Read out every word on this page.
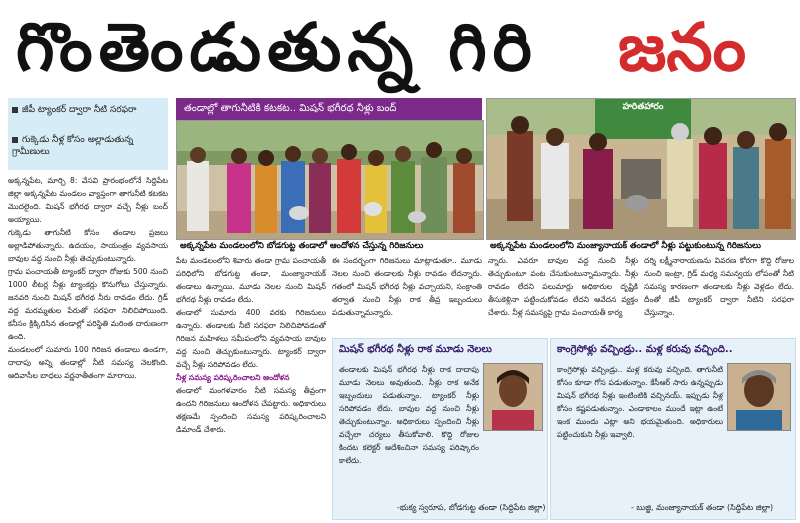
గొంతెండుతున్న గిరి జనం
జీపీ ట్యాంకర్‌ ద్వారా నీటి సరఫరా
గుక్కెడు నీళ్ల కోసం అల్లాడుతున్న గ్రామీణులు
తండాల్లో తాగునీటికి కటకట.. మిషన్‌ భగీరథ నీళ్లు బంద్‌	హరితహారం
అక్కన్నపేట మండలంలోని బోడగుట్ట తండాలో ఆందోళన చేస్తున్న గిరిజనులు	అక్కన్నపేట మండలంలోని మంజ్యానాయక్‌ తండాలో నీళ్లు పట్టుకుంటున్న గిరిజనులు

అక్కన్నపేట, మార్చి 8: వేసవి ప్రారంభంలోనే సిద్దిపేట జిల్లా అక్కన్నపేట మండలం వ్యాప్తంగా తాగునీటి కటకట మొదలైంది. మిషన్‌ భగీరథ ద్వారా వచ్చే నీళ్లు బంద్‌ అయ్యాయి.

గుక్కెడు తాగునీటి కోసం తండాల ప్రజలు అల్లాడిపోతున్నారు. ఉదయం, సాయంత్రం వ్యవసాయ బావుల వద్ద నుంచి నీళ్లు తెచ్చుకుంటున్నారు.

గ్రామ పంచాయతీ ట్యాంకర్‌ ద్వారా రోజుకు 500 నుంచి 1000 లీటర్ల నీళ్లు ట్యాంకర్లు కొనుగోలు చేస్తున్నారు. జనవరి నుంచి మిషన్‌ భగీరథ నీరు రావడం లేదు. గ్రిడ్‌ వద్ద మరమ్మతుల పేరుతో సరఫరా నిలిచిపోయింది. కనీసం క్రిక్కిరిసిన తండాల్లో పరిస్థితి మరింత దారుణంగా ఉంది.

మండలంలో సుమారు 100 గిరిజన తండాలు ఉండగా, దాదాపు అన్ని తండాల్లో నీటి సమస్య నెలకొంది. ఆదివాసీల బాధలు వర్ణనాతీతంగా మారాయి.

పేట మండలంలోని శివారు తండా గ్రామ పంచాయతీ పరిధిలోని బోడగుట్ట తండా, మంజ్యానాయక్‌ తండాలు ఉన్నాయి. మూడు నెలల నుంచి మిషన్‌ భగీరథ నీళ్లు రావడం లేదు.

తండాలో సుమారు 400 వరకు గిరిజనులు ఉన్నారు. తండాలకు నీటి సరఫరా నిలిచిపోవడంతో గిరిజన మహిళలు సమీపంలోని వ్యవసాయ బావుల వద్ద నుంచి తెచ్చుకుంటున్నారు. ట్యాంకర్‌ ద్వారా వచ్చే నీళ్లు సరిపోవడం లేదు.

నీళ్ల సమస్య పరిష్కరించాలని ఆందోళన

తండాలో మంగళవారం నీటి సమస్య తీవ్రంగా ఉందని గిరిజనులు ఆందోళన చేపట్టారు. అధికారులు తక్షణమే స్పందించి సమస్య పరిష్కరించాలని డిమాండ్‌ చేశారు.

ఈ సందర్భంగా గిరిజనులు మాట్లాడుతూ.. మూడు నెలల నుంచి తండాలకు నీళ్లు రావడం లేదన్నారు. గతంలో మిషన్‌ భగీరథ నీళ్లు వచ్చాయని, సంక్రాంతి తర్వాత నుంచి నీళ్లు రాక తీవ్ర ఇబ్బందులు పడుతున్నామన్నారు.

న్నారు. ఎవరూ బావుల వద్ద నుంచి నీళ్లు తెచ్చుకుంటూ వంట చేసుకుంటున్నామన్నారు. నీళ్లు రావడం లేదని పలుమార్లు అధికారుల దృష్టికి తీసుకెళ్లినా పట్టించుకోవడం లేదని ఆవేదన వ్యక్తం చేశారు. నీళ్ల సమస్యపై గ్రామ పంచాయతీ కార్య

దర్శి లక్ష్మీనారాయణను వివరణ కోరగా కొద్ది రోజుల నుంచి ఇంట్రా, గ్రిడ్‌ మధ్య సమన్వయ లోపంతో నీటి సమస్య కారణంగా తండాలకు నీళ్లు వెళ్లడం లేదు. దీంతో జీపీ ట్యాంకర్‌ ద్వారా నీటిని సరఫరా చేస్తున్నాం.

మిషన్‌ భగీరథ నీళ్లు రాక మూడు నెలలు
తండాలకు మిషన్‌ భగీరథ నీళ్లు రాక దాదాపు మూడు నెలలు అవుతుంది. నీళ్లు రాక అనేక ఇబ్బందులు పడుతున్నాం. ట్యాంకర్‌ నీళ్లు సరిపోవడం లేదు. బావుల వద్ద నుంచి నీళ్లు తెచ్చుకుంటున్నాం. అధికారులు స్పందించి నీళ్లు వచ్చేలా చర్యలు తీసుకోవాలి. కొద్ది రోజుల కిందట కలెక్టర్‌ ఆదేశించినా సమస్య పరిష్కారం కాలేదు.
-భుక్య స్వరూప, బోడగుట్ట తండా (సిద్దిపేట జిల్లా)
కాంగ్రెసోళ్లు వచ్చిండ్రు.. మళ్ల కరువు వచ్చింది..
కాంగ్రెసోళ్లు వచ్చిండ్రు.. మళ్ల కరువు వచ్చింది. తాగునీటి కోసం కూడా గోస పడుతున్నాం. కేసీఆర్‌ సారు ఉన్నప్పుడు మిషన్‌ భగీరథ నీళ్లు ఇంటింటికి వచ్చినయ్‌. ఇప్పుడు నీళ్ల కోసం కష్టపడుతున్నాం. ఎండాకాలం ముందే ఇట్లా ఉంటే ఇంక ముందు ఎట్లా అని భయమైతుంది. అధికారులు పట్టించుకుని నీళ్లు ఇవ్వాలి.
- బుజ్జి, మంజ్యానాయక్‌ తండా (సిద్దిపేట జిల్లా)
